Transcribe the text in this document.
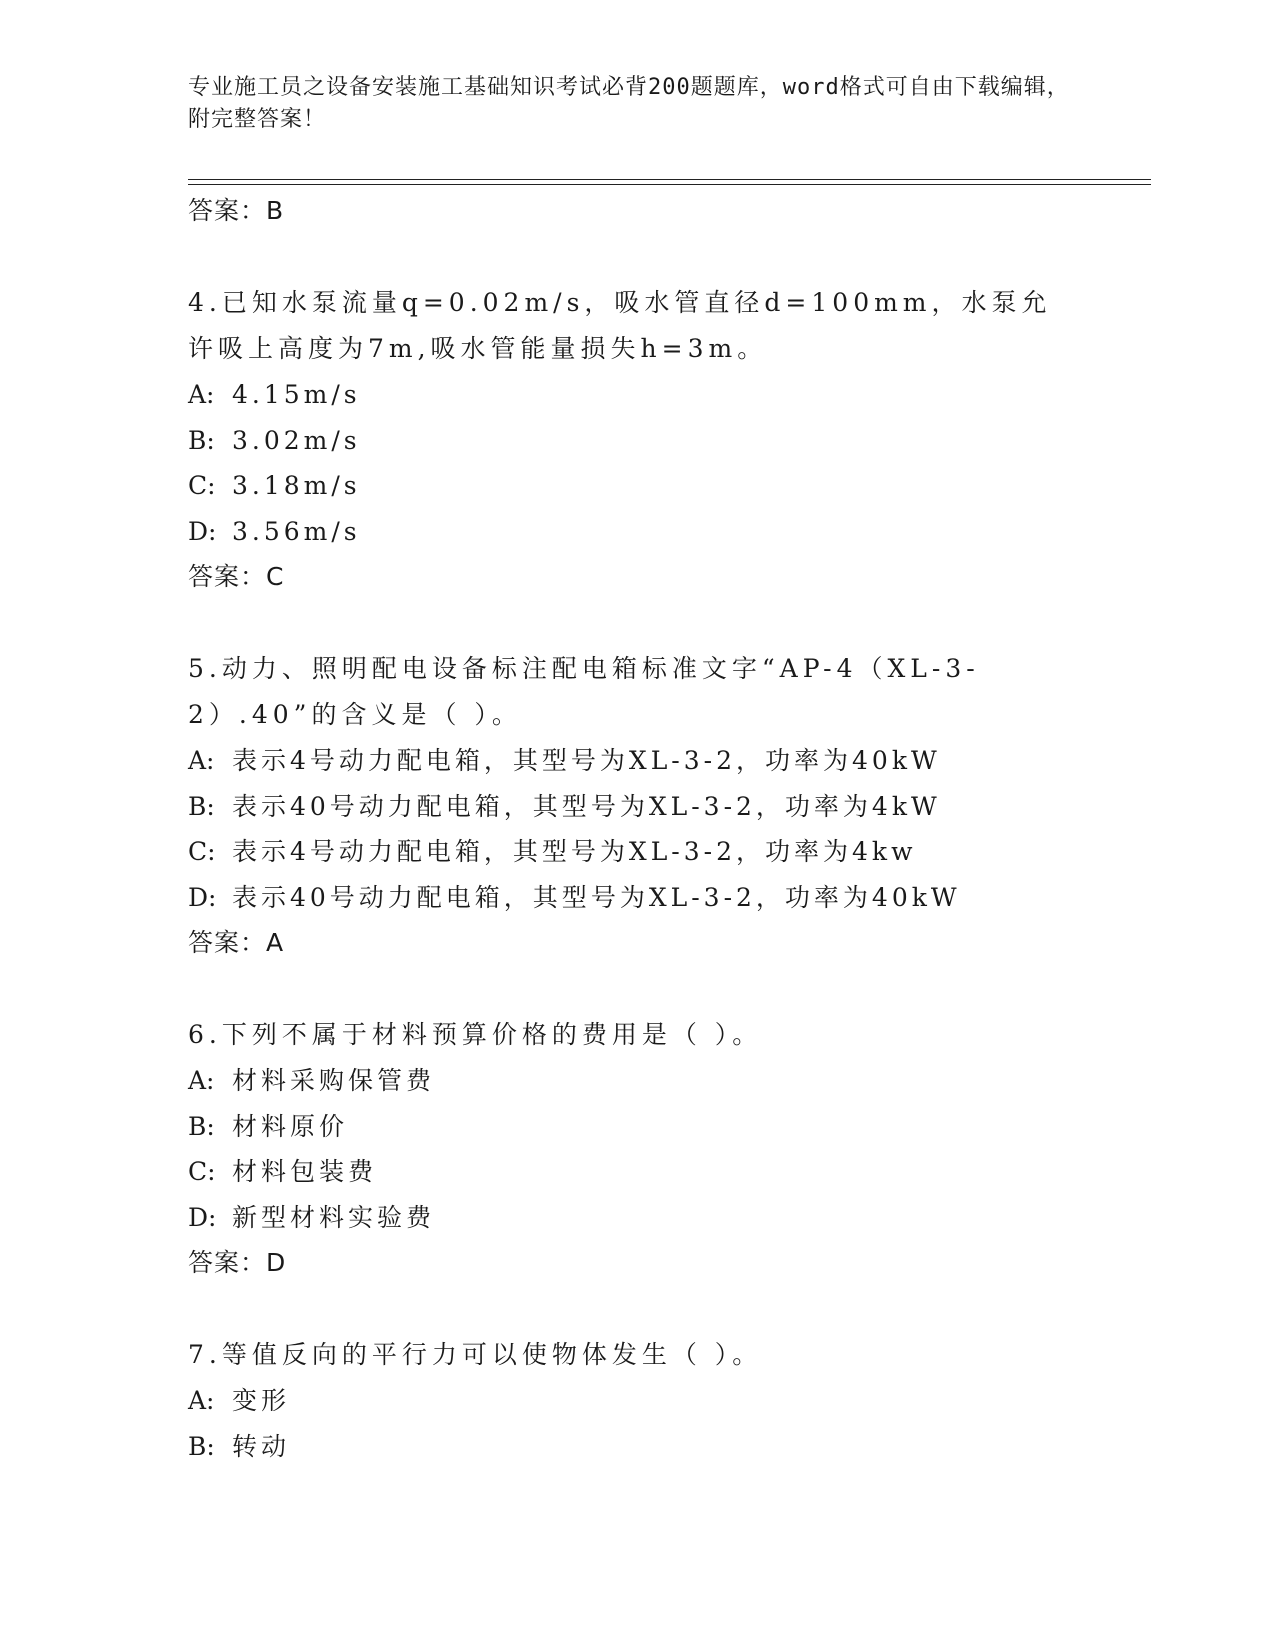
专业施工员之设备安装施工基础知识考试必背200题题库，word格式可自由下载编辑，附完整答案！
答案：B
4.已知水泵流量q=0.02m/s，吸水管直径d=100mm，水泵允许吸上高度为7m,吸水管能量损失h=3m。
A: 4.15m/s
B: 3.02m/s
C: 3.18m/s
D: 3.56m/s
答案：C
5.动力、照明配电设备标注配电箱标准文字“AP-4（XL-3-2）.40”的含义是（ ）。
A: 表示4号动力配电箱，其型号为XL-3-2，功率为40kW
B: 表示40号动力配电箱，其型号为XL-3-2，功率为4kW
C: 表示4号动力配电箱，其型号为XL-3-2，功率为4kw
D: 表示40号动力配电箱，其型号为XL-3-2，功率为40kW
答案：A
6.下列不属于材料预算价格的费用是（ ）。
A: 材料采购保管费
B: 材料原价
C: 材料包装费
D: 新型材料实验费
答案：D
7.等值反向的平行力可以使物体发生（ ）。
A: 变形
B: 转动
